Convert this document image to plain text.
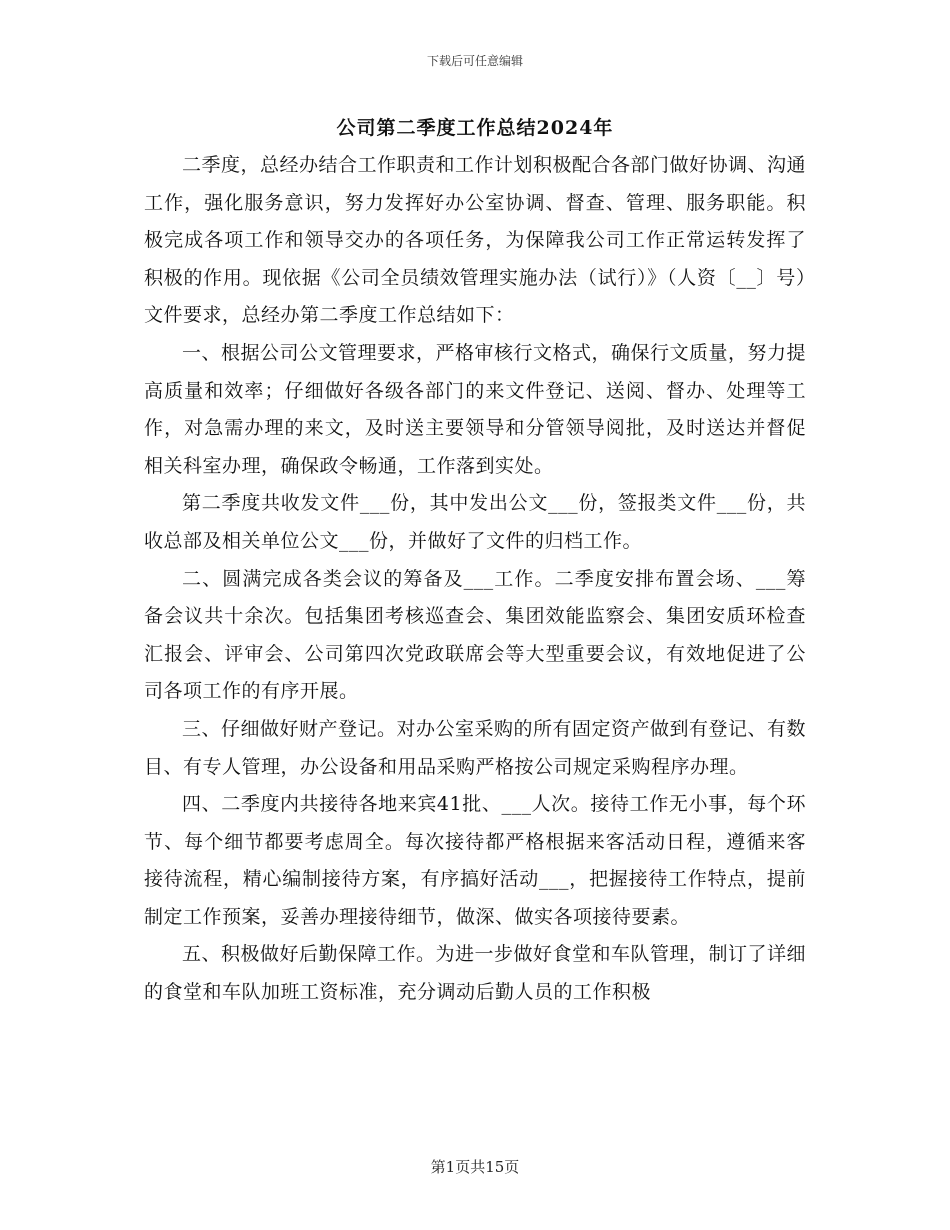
下载后可任意编辑
公司第二季度工作总结2024年

二季度，总经办结合工作职责和工作计划积极配合各部门做好协调、沟通工作，强化服务意识，努力发挥好办公室协调、督查、管理、服务职能。积极完成各项工作和领导交办的各项任务，为保障我公司工作正常运转发挥了积极的作用。现依据《公司全员绩效管理实施办法（试行）》（人资〔__〕号）文件要求，总经办第二季度工作总结如下：

一、根据公司公文管理要求，严格审核行文格式，确保行文质量，努力提高质量和效率；仔细做好各级各部门的来文件登记、送阅、督办、处理等工作，对急需办理的来文，及时送主要领导和分管领导阅批，及时送达并督促相关科室办理，确保政令畅通，工作落到实处。

第二季度共收发文件___份，其中发出公文___份，签报类文件___份，共收总部及相关单位公文___份，并做好了文件的归档工作。

二、圆满完成各类会议的筹备及___工作。二季度安排布置会场、___筹备会议共十余次。包括集团考核巡查会、集团效能监察会、集团安质环检查汇报会、评审会、公司第四次党政联席会等大型重要会议，有效地促进了公司各项工作的有序开展。

三、仔细做好财产登记。对办公室采购的所有固定资产做到有登记、有数目、有专人管理，办公设备和用品采购严格按公司规定采购程序办理。

四、二季度内共接待各地来宾41批、___人次。接待工作无小事，每个环节、每个细节都要考虑周全。每次接待都严格根据来客活动日程，遵循来客接待流程，精心编制接待方案，有序搞好活动___，把握接待工作特点，提前制定工作预案，妥善办理接待细节，做深、做实各项接待要素。

五、积极做好后勤保障工作。为进一步做好食堂和车队管理，制订了详细的食堂和车队加班工资标准，充分调动后勤人员的工作积极

第1页共15页
